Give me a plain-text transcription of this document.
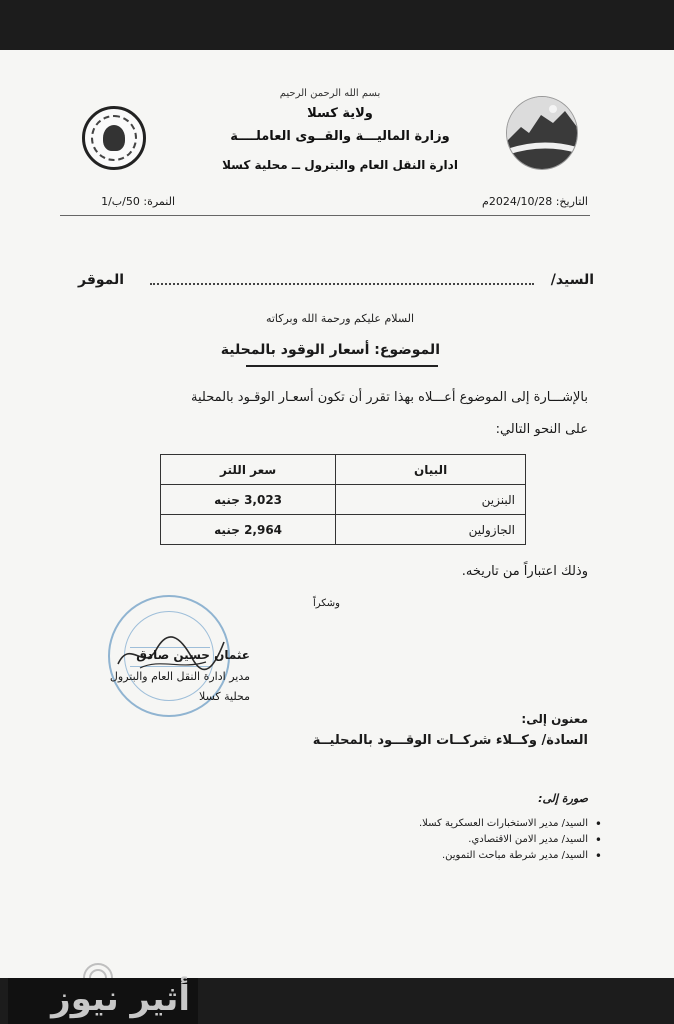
بسم الله الرحمن الرحيم
ولاية كسلا
وزارة الماليـــة والقــوى العاملــــة
ادارة النقل العام والبترول ــ محلية كسلا
التاريخ: 2024/10/28م
النمرة: 50/ب/1
السيد/
الموقر
السلام عليكم ورحمة الله وبركاته
الموضوع: أسعار الوقود بالمحلية
بالإشـــارة إلى الموضوع أعـــلاه بهذا تقرر أن تكون أسعـار الوقـود بالمحلية
على النحو التالي:
البيان	سعر اللتر
البنزين	3,023 جنيه
الجازولين	2,964 جنيه
وذلك اعتباراً من تاريخه.
وشكراً
عثمان حسين صادق
مدير ادارة النقل العام والبترول
محلية كسلا
معنون إلى:
السادة/ وكــلاء شركــات الوقـــود بالمحليــة
صورة إلى:
• السيد/ مدير الاستخبارات العسكرية كسلا.
• السيد/ مدير الامن الاقتصادي.
• السيد/ مدير شرطة مباحث التموين.
أثير نيوز
